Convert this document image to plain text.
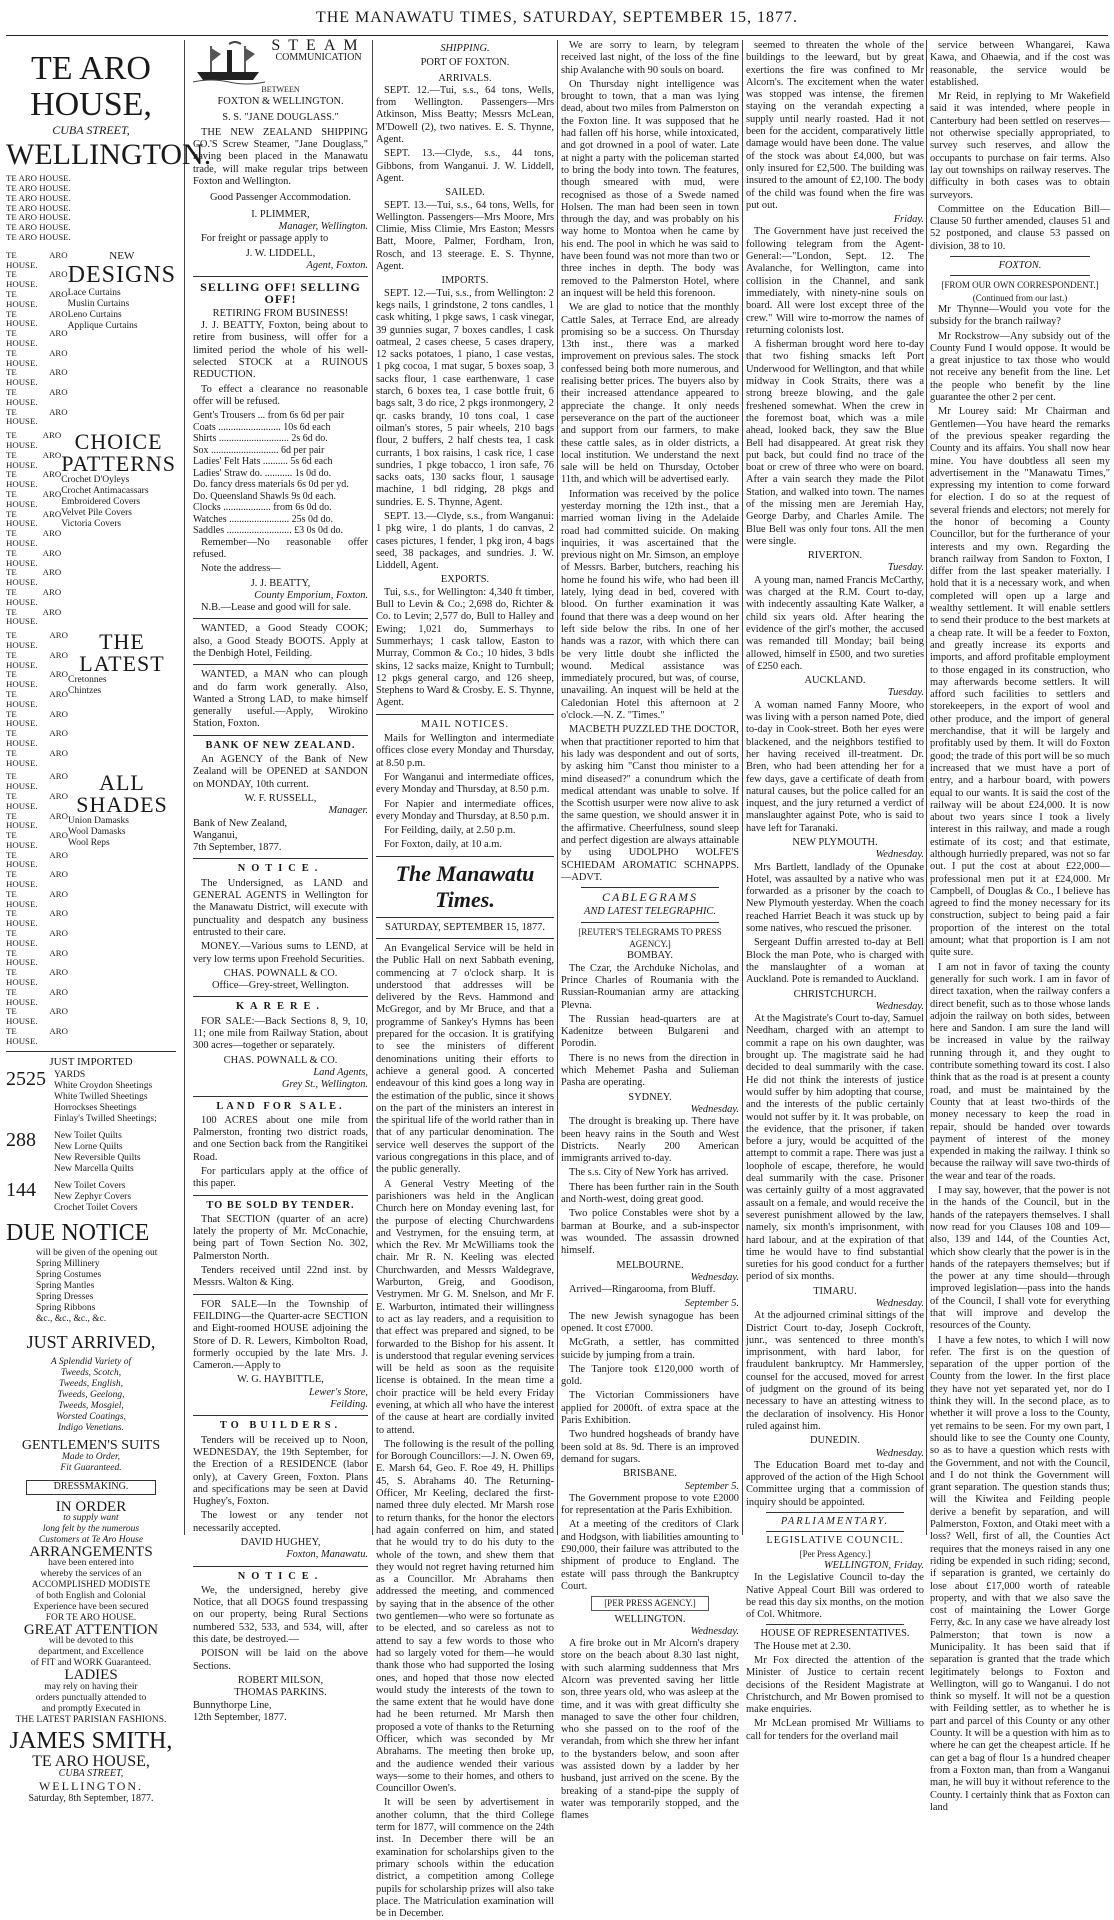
THE MANAWATU TIMES, SATURDAY, SEPTEMBER 15, 1877.
TE ARO
HOUSE,
CUBA STREET,
WELLINGTON.

TE ARO HOUSE.

TE ARO HOUSE.

TE ARO HOUSE.

TE ARO HOUSE.

TE ARO HOUSE.

TE ARO HOUSE.

TE ARO HOUSE.

TE ARO HOUSE.

TE ARO HOUSE.

TE ARO HOUSE.

TE ARO HOUSE.

TE ARO HOUSE.

TE ARO HOUSE.

TE ARO HOUSE.

TE ARO HOUSE.

TE ARO HOUSE.

NEW
DESIGNS
Lace Curtains
Muslin Curtains
Leno Curtains
Applique Curtains

TE ARO HOUSE.

TE ARO HOUSE.

TE ARO HOUSE.

TE ARO HOUSE.

TE ARO HOUSE.

TE ARO HOUSE.

TE ARO HOUSE.

TE ARO HOUSE.

TE ARO HOUSE.

TE ARO HOUSE.

CHOICE
PATTERNS
Crochet D'Oyleys
Crochet Antimacassars
Embroidered Covers
Velvet Pile Covers
Victoria Covers

TE ARO HOUSE.

TE ARO HOUSE.

TE ARO HOUSE.

TE ARO HOUSE.

TE ARO HOUSE.

TE ARO HOUSE.

TE ARO HOUSE.

THE
LATEST
Cretonnes
Chintzes

TE ARO HOUSE.

TE ARO HOUSE.

TE ARO HOUSE.

TE ARO HOUSE.

TE ARO HOUSE.

TE ARO HOUSE.

TE ARO HOUSE.

TE ARO HOUSE.

TE ARO HOUSE.

TE ARO HOUSE.

TE ARO HOUSE.

TE ARO HOUSE.

TE ARO HOUSE.

TE ARO HOUSE.

ALL
SHADES
Union Damasks
Wool Damasks
Wool Reps
JUST IMPORTED
2525 YARDS
White Croydon Sheetings
White Twilled Sheetings
Horrockses Sheetings
Finlay's Twilled Sheetings;
288	New Toilet Quilts
New Lorne Quilts
New Reversible Quilts
New Marcella Quilts
144	New Toilet Covers
New Zephyr Covers
Crochet Toilet Covers
DUE NOTICE
will be given of the opening out
Spring Millinery
Spring Costumes
Spring Mantles
Spring Dresses
Spring Ribbons
&c., &c., &c., &c.
JUST ARRIVED,
A Splendid Variety of
Tweeds, Scotch,
Tweeds, English,
Tweeds, Geelong,
Tweeds, Mosgiel,
Worsted Coatings,
Indigo Venetians.
GENTLEMEN'S SUITS
Made to Order,
Fit Guaranteed.
DRESSMAKING.
IN ORDER
to supply want
long felt by the numerous
Customers at Te Aro House
ARRANGEMENTS
have been entered into
whereby the services of an
ACCOMPLISHED MODISTE
of both English and Colonial
Experience have been secured
FOR TE ARO HOUSE.
GREAT ATTENTION
will be devoted to this
department, and Excellence
of FIT and WORK Guaranteed.
LADIES
may rely on having their
orders punctually attended to
and promptly Executed in
THE LATEST PARISIAN FASHIONS.
JAMES SMITH,
TE ARO HOUSE,
CUBA STREET,
WELLINGTON.
Saturday, 8th September, 1877.
STEAM
COMMUNICATION
BETWEEN
FOXTON & WELLINGTON.
S. S. "JANE DOUGLASS."

THE NEW ZEALAND SHIPPING CO.'S Screw Steamer, "Jane Douglass," having been placed in the Manawatu trade, will make regular trips between Foxton and Wellington.

Good Passenger Accommodation.
I. PLIMMER,
Manager, Wellington.

For freight or passage apply to

J. W. LIDDELL,
Agent, Foxton.
SELLING OFF! SELLING OFF!
RETIRING FROM BUSINESS!

J. J. BEATTY, Foxton, being about to retire from business, will offer for a limited period the whole of his well-selected STOCK at a RUINOUS REDUCTION.

To effect a clearance no reasonable offer will be refused.

Gent's Trousers ... from 6s 6d per pair
Coats ......................... 10s 6d each
Shirts ............................ 2s 6d do.
Sox ........................... 6d per pair
Ladies' Felt Hats .......... 5s 6d each
Ladies' Straw do. ........... 1s 0d do.
Do. fancy dress materials 6s 0d per yd.
Do. Queensland Shawls 9s 0d each.
Clocks ................... from 6s 0d do.
Watches ........................ 25s 0d do.
Saddles .......................... £3 0s 0d do.

Remember—No reasonable offer refused.

Note the address—

J. J. BEATTY,
County Emporium, Foxton.

N.B.—Lease and good will for sale.

WANTED, a Good Steady COOK; also, a Good Steady BOOTS. Apply at the Denbigh Hotel, Feilding.

WANTED, a MAN who can plough and do farm work generally. Also, Wanted a Strong LAD, to make himself generally useful.—Apply, Wirokino Station, Foxton.

BANK OF NEW ZEALAND.

An AGENCY of the Bank of New Zealand will be OPENED at SANDON on MONDAY, 10th current.

W. F. RUSSELL,
Manager.
Bank of New Zealand,
Wanganui,
7th September, 1877.
NOTICE.

The Undersigned, as LAND and GENERAL AGENTS in Wellington for the Manawatu District, will execute with punctuality and despatch any business entrusted to their care.

MONEY.—Various sums to LEND, at very low terms upon Freehold Securities.

CHAS. POWNALL & CO.
Office—Grey-street, Wellington.
KARERE.

FOR SALE:—Back Sections 8, 9, 10, 11; one mile from Railway Station, about 300 acres—together or separately.

CHAS. POWNALL & CO.
Land Agents,
Grey St., Wellington.
LAND FOR SALE.

100 ACRES about one mile from Palmerston, fronting two district roads, and one Section back from the Rangitikei Road.

For particulars apply at the office of this paper.

TO BE SOLD BY TENDER.

That SECTION (quarter of an acre) lately the property of Mr. McConachie, being part of Town Section No. 302, Palmerston North.

Tenders received until 22nd inst. by Messrs. Walton & King.

FOR SALE—In the Township of FEILDING—the Quarter-acre SECTION and Eight-roomed HOUSE adjoining the Store of D. R. Lewers, Kimbolton Road, formerly occupied by the late Mrs. J. Cameron.—Apply to

W. G. HAYBITTLE,
Lewer's Store,
Feilding.
TO BUILDERS.

Tenders will be received up to Noon, WEDNESDAY, the 19th September, for the Erection of a RESIDENCE (labor only), at Cavery Green, Foxton. Plans and specifications may be seen at David Hughey's, Foxton.

The lowest or any tender not necessarily accepted.

DAVID HUGHEY,
Foxton, Manawatu.
NOTICE.

We, the undersigned, hereby give Notice, that all DOGS found trespassing on our property, being Rural Sections numbered 532, 533, and 534, will, after this date, be destroyed.—

POISON will be laid on the above Sections.

ROBERT MILSON,
THOMAS PARKINS.
Bunnythorpe Line,
12th September, 1877.
SHIPPING.
PORT OF FOXTON.
ARRIVALS.

SEPT. 12.—Tui, s.s., 64 tons, Wells, from Wellington. Passengers—Mrs Atkinson, Miss Beatty; Messrs McLean, M'Dowell (2), two natives. E. S. Thynne, Agent.

SEPT. 13.—Clyde, s.s., 44 tons, Gibbons, from Wanganui. J. W. Liddell, Agent.

SAILED.

SEPT. 13.—Tui, s.s., 64 tons, Wells, for Wellington. Passengers—Mrs Moore, Mrs Climie, Miss Climie, Mrs Easton; Messrs Batt, Moore, Palmer, Fordham, Iron, Rosch, and 13 steerage. E. S. Thynne, Agent.

IMPORTS.

SEPT. 12.—Tui, s.s., from Wellington: 2 kegs nails, 1 grindstone, 2 tons candles, 1 cask whiting, 1 pkge saws, 1 cask vinegar, 39 gunnies sugar, 7 boxes candles, 1 cask oatmeal, 2 cases cheese, 5 cases drapery, 12 sacks potatoes, 1 piano, 1 case vestas, 1 pkg cocoa, 1 mat sugar, 5 boxes soap, 3 sacks flour, 1 case earthenware, 1 case starch, 6 boxes tea, 1 case bottle fruit, 6 bags salt, 3 do rice, 2 pkgs ironmongery, 2 qr. casks brandy, 10 tons coal, 1 case oilman's stores, 5 pair wheels, 210 bags flour, 2 buffers, 2 half chests tea, 1 cask currants, 1 box raisins, 1 cask rice, 1 case sundries, 1 pkge tobacco, 1 iron safe, 76 sacks oats, 130 sacks flour, 1 sausage machine, 1 bdl ridging, 28 pkgs and sundries. E. S. Thynne, Agent.

SEPT. 13.—Clyde, s.s., from Wanganui: 1 pkg wire, 1 do plants, 1 do canvas, 2 cases pictures, 1 fender, 1 pkg iron, 4 bags seed, 38 packages, and sundries. J. W. Liddell, Agent.

EXPORTS.

Tui, s.s., for Wellington: 4,340 ft timber, Bull to Levin & Co.; 2,698 do, Richter & Co. to Levin; 2,577 do, Bull to Halley and Ewing; 1,021 do, Summerhays to Summerhays; 1 cask tallow, Easton to Murray, Common & Co.; 10 hides, 3 bdls skins, 12 sacks maize, Knight to Turnbull; 12 pkgs general cargo, and 126 sheep, Stephens to Ward & Crosby. E. S. Thynne, Agent.

MAIL NOTICES.

Mails for Wellington and intermediate offices close every Monday and Thursday, at 8.50 p.m.

For Wanganui and intermediate offices, every Monday and Thursday, at 8.50 p.m.

For Napier and intermediate offices, every Monday and Thursday, at 8.50 p.m.

For Feilding, daily, at 2.50 p.m.

For Foxton, daily, at 10 a.m.

The Manawatu Times.
SATURDAY, SEPTEMBER 15, 1877.

An Evangelical Service will be held in the Public Hall on next Sabbath evening, commencing at 7 o'clock sharp. It is understood that addresses will be delivered by the Revs. Hammond and McGregor, and by Mr Bruce, and that a programme of Sankey's Hymns has been prepared for the occasion. It is gratifying to see the ministers of different denominations uniting their efforts to achieve a general good. A concerted endeavour of this kind goes a long way in the estimation of the public, since it shows on the part of the ministers an interest in the spiritual life of the world rather than in that of any particular denomination. The service well deserves the support of the various congregations in this place, and of the public generally.

A General Vestry Meeting of the parishioners was held in the Anglican Church here on Monday evening last, for the purpose of electing Churchwardens and Vestrymen, for the ensuing term, at which the Rev. Mr McWilliams took the chair. Mr R. N. Keeling was elected Churchwarden, and Messrs Waldegrave, Warburton, Greig, and Goodison, Vestrymen. Mr G. M. Snelson, and Mr F. E. Warburton, intimated their willingness to act as lay readers, and a requisition to that effect was prepared and signed, to be forwarded to the Bishop for his assent. It is understood that regular evening services will be held as soon as the requisite license is obtained. In the mean time a choir practice will be held every Friday evening, at which all who have the interest of the cause at heart are cordially invited to attend.

The following is the result of the polling for Borough Councillors:—J. N. Owen 69, E. Marsh 64, Geo. F. Roe 49, H. Phillips 45, S. Abrahams 40. The Returning-Officer, Mr Keeling, declared the first-named three duly elected. Mr Marsh rose to return thanks, for the honor the electors had again conferred on him, and stated that he would try to do his duty to the whole of the town, and shew them that they would not regret having returned him as a Councillor. Mr Abrahams then addressed the meeting, and commenced by saying that in the absence of the other two gentlemen—who were so fortunate as to be elected, and so careless as not to attend to say a few words to those who had so largely voted for them—he would thank those who had supported the losing ones, and hoped that those now elected would study the interests of the town to the same extent that he would have done had he been returned. Mr Marsh then proposed a vote of thanks to the Returning Officer, which was seconded by Mr Abrahams. The meeting then broke up, and the audience wended their various ways—some to their homes, and others to Councillor Owen's.

It will be seen by advertisement in another column, that the third College term for 1877, will commence on the 24th inst. In December there will be an examination for scholarships given to the primary schools within the education district, a competition among College pupils for scholarship prizes will also take place. The Matriculation examination will be in December.

We are sorry to learn, by telegram received last night, of the loss of the fine ship Avalanche with 90 souls on board.

On Thursday night intelligence was brought to town, that a man was lying dead, about two miles from Palmerston on the Foxton line. It was supposed that he had fallen off his horse, while intoxicated, and got drowned in a pool of water. Late at night a party with the policeman started to bring the body into town. The features, though smeared with mud, were recognised as those of a Swede named Holsen. The man had been seen in town through the day, and was probably on his way home to Montoa when he came by his end. The pool in which he was said to have been found was not more than two or three inches in depth. The body was removed to the Palmerston Hotel, where an inquest will be held this forenoon.

We are glad to notice that the monthly Cattle Sales, at Terrace End, are already promising so be a success. On Thursday 13th inst., there was a marked improvement on previous sales. The stock confessed being both more numerous, and realising better prices. The buyers also by their increased attendance appeared to appreciate the change. It only needs perseverance on the part of the auctioneer and support from our farmers, to make these cattle sales, as in older districts, a local institution. We understand the next sale will be held on Thursday, October 11th, and which will be advertised early.

Information was received by the police yesterday morning the 12th inst., that a married woman living in the Adelaide road had committed suicide. On making inquiries, it was ascertained that the previous night on Mr. Simson, an employe of Messrs. Barber, butchers, reaching his home he found his wife, who had been ill lately, lying dead in bed, covered with blood. On further examination it was found that there was a deep wound on her left side below the ribs. In one of her hands was a razor, with which there can be very little doubt she inflicted the wound. Medical assistance was immediately procured, but was, of course, unavailing. An inquest will be held at the Caledonian Hotel this afternoon at 2 o'clock.—N. Z. "Times."

MACBETH PUZZLED THE DOCTOR, when that practitioner reported to him that his lady was despondent and out of sorts, by asking him "Canst thou minister to a mind diseased?" a conundrum which the medical attendant was unable to solve. If the Scottish usurper were now alive to ask the same question, we should answer it in the affirmative. Cheerfulness, sound sleep and perfect digestion are always attainable by using UDOLPHO WOLFE'S SCHIEDAM AROMATIC SCHNAPPS.—ADVT.

CABLEGRAMS
AND LATEST TELEGRAPHIC.
[REUTER'S TELEGRAMS TO PRESS AGENCY.]
BOMBAY.

The Czar, the Archduke Nicholas, and Prince Charles of Roumania with the Russian-Roumanian army are attacking Plevna.

The Russian head-quarters are at Kadenitze between Bulgareni and Porodin.

There is no news from the direction in which Mehemet Pasha and Sulieman Pasha are operating.

SYDNEY.
Wednesday.

The drought is breaking up. There have been heavy rains in the South and West Districts. Nearly 200 American immigrants arrived to-day.

The s.s. City of New York has arrived.

There has been further rain in the South and North-west, doing great good.

Two police Constables were shot by a barman at Bourke, and a sub-inspector was wounded. The assassin drowned himself.

MELBOURNE.
Wednesday.

Arrived—Ringarooma, from Bluff.

September 5.

The new Jewish synagogue has been opened. It cost £7000.

McGrath, a settler, has committed suicide by jumping from a train.

The Tanjore took £120,000 worth of gold.

The Victorian Commissioners have applied for 2000ft. of extra space at the Paris Exhibition.

Two hundred hogsheads of brandy have been sold at 8s. 9d. There is an improved demand for sugars.

BRISBANE.
September 5.

The Government propose to vote £2000 for representation at the Paris Exhibition.

At a meeting of the creditors of Clark and Hodgson, with liabilities amounting to £90,000, their failure was attributed to the shipment of produce to England. The estate will pass through the Bankruptcy Court.

[PER PRESS AGENCY.]
WELLINGTON.
Wednesday.

A fire broke out in Mr Alcorn's drapery store on the beach about 8.30 last night, with such alarming suddenness that Mrs Alcorn was prevented saving her little son, three years old, who was asleep at the time, and it was with great difficulty she managed to save the other four children, who she passed on to the roof of the verandah, from which she threw her infant to the bystanders below, and soon after was assisted down by a ladder by her husband, just arrived on the scene. By the breaking of a stand-pipe the supply of water was temporarily stopped, and the flames

seemed to threaten the whole of the buildings to the leeward, but by great exertions the fire was confined to Mr Alcorn's. The excitement when the water was stopped was intense, the firemen staying on the verandah expecting a supply until nearly roasted. Had it not been for the accident, comparatively little damage would have been done. The value of the stock was about £4,000, but was only insured for £2,500. The building was insured to the amount of £2,100. The body of the child was found when the fire was put out.

Friday.

The Government have just received the following telegram from the Agent-General:—"London, Sept. 12. The Avalanche, for Wellington, came into collision in the Channel, and sank immediately, with ninety-nine souls on board. All were lost except three of the crew." Will wire to-morrow the names of returning colonists lost.

A fisherman brought word here to-day that two fishing smacks left Port Underwood for Wellington, and that while midway in Cook Straits, there was a strong breeze blowing, and the gale freshened somewhat. When the crew in the foremost boat, which was a mile ahead, looked back, they saw the Blue Bell had disappeared. At great risk they put back, but could find no trace of the boat or crew of three who were on board. After a vain search they made the Pilot Station, and walked into town. The names of the missing men are Jeremiah Hay, George Darby, and Charles Amile. The Blue Bell was only four tons. All the men were single.

RIVERTON.
Tuesday.

A young man, named Francis McCarthy, was charged at the R.M. Court to-day, with indecently assaulting Kate Walker, a child six years old. After hearing the evidence of the girl's mother, the accused was remanded till Monday; bail being allowed, himself in £500, and two sureties of £250 each.

AUCKLAND.
Tuesday.

A woman named Fanny Moore, who was living with a person named Pote, died to-day in Cook-street. Both her eyes were blackened, and the neighbors testified to her having received ill-treatment. Dr. Bren, who had been attending her for a few days, gave a certificate of death from natural causes, but the police called for an inquest, and the jury returned a verdict of manslaughter against Pote, who is said to have left for Taranaki.

NEW PLYMOUTH.
Wednesday.

Mrs Bartlett, landlady of the Opunake Hotel, was assaulted by a native who was forwarded as a prisoner by the coach to New Plymouth yesterday. When the coach reached Harriet Beach it was stuck up by some natives, who rescued the prisoner.

Sergeant Duffin arrested to-day at Bell Block the man Pote, who is charged with the manslaughter of a woman at Auckland. Pote is remanded to Auckland.

CHRISTCHURCH.
Wednesday.

At the Magistrate's Court to-day, Samuel Needham, charged with an attempt to commit a rape on his own daughter, was brought up. The magistrate said he had decided to deal summarily with the case. He did not think the interests of justice would suffer by him adopting that course, and the interests of the public certainly would not suffer by it. It was probable, on the evidence, that the prisoner, if taken before a jury, would be acquitted of the attempt to commit a rape. There was just a loophole of escape, therefore, he would deal summarily with the case. Prisoner was certainly guilty of a most aggravated assault on a female, and would receive the severest punishment allowed by the law, namely, six month's imprisonment, with hard labour, and at the expiration of that time he would have to find substantial sureties for his good conduct for a further period of six months.

TIMARU.
Wednesday.

At the adjourned criminal sittings of the District Court to-day, Joseph Cockroft, junr., was sentenced to three month's imprisonment, with hard labor, for fraudulent bankruptcy. Mr Hammersley, counsel for the accused, moved for arrest of judgment on the ground of its being necessary to have an attesting witness to the declaration of insolvency. His Honor ruled against him.

DUNEDIN.
Wednesday.

The Education Board met to-day and approved of the action of the High School Committee urging that a commission of inquiry should be appointed.

PARLIAMENTARY.
LEGISLATIVE COUNCIL.
[Per Press Agency.]
WELLINGTON, Friday.

In the Legislative Council to-day the Native Appeal Court Bill was ordered to be read this day six months, on the motion of Col. Whitmore.

HOUSE OF REPRESENTATIVES.

The House met at 2.30.

Mr Fox directed the attention of the Minister of Justice to certain recent decisions of the Resident Magistrate at Christchurch, and Mr Bowen promised to make enquiries.

Mr McLean promised Mr Williams to call for tenders for the overland mail

service between Whangarei, Kawa Kawa, and Ohaewia, and if the cost was reasonable, the service would be established.

Mr Reid, in replying to Mr Wakefield said it was intended, where people in Canterbury had been settled on reserves—not otherwise specially appropriated, to survey such reserves, and allow the occupants to purchase on fair terms. Also lay out townships on railway reserves. The difficulty in both cases was to obtain surveyors.

Committee on the Education Bill—Clause 50 further amended, clauses 51 and 52 postponed, and clause 53 passed on division, 38 to 10.

FOXTON.
[FROM OUR OWN CORRESPONDENT.]
(Continued from our last.)

Mr Thynne—Would you vote for the subsidy for the branch railway?

Mr Rockstrow—Any subsidy out of the County Fund I would oppose. It would be a great injustice to tax those who would not receive any benefit from the line. Let the people who benefit by the line guarantee the other 2 per cent.

Mr Lourey said: Mr Chairman and Gentlemen—You have heard the remarks of the previous speaker regarding the County and its affairs. You shall now hear mine. You have doubtless all seen my advertisement in the "Manawatu Times," expressing my intention to come forward for election. I do so at the request of several friends and electors; not merely for the honor of becoming a County Councillor, but for the furtherance of your interests and my own. Regarding the branch railway from Sandon to Foxton, I differ from the last speaker materially. I hold that it is a necessary work, and when completed will open up a large and wealthy settlement. It will enable settlers to send their produce to the best markets at a cheap rate. It will be a feeder to Foxton, and greatly increase its exports and imports, and afford profitable employment to those engaged in its construction, who may afterwards become settlers. It will afford such facilities to settlers and storekeepers, in the export of wool and other produce, and the import of general merchandise, that it will be largely and profitably used by them. It will do Foxton good; the trade of this port will be so much increased that we must have a port of entry, and a harbour board, with powers equal to our wants. It is said the cost of the railway will be about £24,000. It is now about two years since I took a lively interest in this railway, and made a rough estimate of its cost; and that estimate, although hurriedly prepared, was not so far out. I put the cost at about £22,000—professional men put it at £24,000. Mr Campbell, of Douglas & Co., I believe has agreed to find the money necessary for its construction, subject to being paid a fair proportion of the interest on the total amount; what that proportion is I am not quite sure.

I am not in favor of taxing the county generally for such work. I am in favor of direct taxation, when the railway confers a direct benefit, such as to those whose lands adjoin the railway on both sides, between here and Sandon. I am sure the land will be increased in value by the railway running through it, and they ought to contribute something toward its cost. I also think that as the road is at present a county road, and must be maintained by the County that at least two-thirds of the money necessary to keep the road in repair, should be handed over towards payment of interest of the money expended in making the railway. I think so because the railway will save two-thirds of the wear and tear of the roads.

I may say, however, that the power is not in the hands of the Council, but in the hands of the ratepayers themselves. I shall now read for you Clauses 108 and 109—also, 139 and 144, of the Counties Act, which show clearly that the power is in the hands of the ratepayers themselves; but if the power at any time should—through improved legislation—pass into the hands of the Council, I shall vote for everything that will improve and develop the resources of the County.

I have a few notes, to which I will now refer. The first is on the question of separation of the upper portion of the County from the lower. In the first place they have not yet separated yet, nor do I think they will. In the second place, as to whether it will prove a loss to the County, yet remains to be seen. For my own part, I should like to see the County one County, so as to have a question which rests with the Government, and not with the Council, and I do not think the Government will grant separation. The question stands thus; will the Kiwitea and Feilding people derive a benefit by separation, and will Palmerston, Foxton, and Otaki meet with a loss? Well, first of all, the Counties Act requires that the moneys raised in any one riding be expended in such riding; second, if separation is granted, we certainly do lose about £17,000 worth of rateable property, and with that we also save the cost of maintaining the Lower Gorge Ferry, &c. In any case we have already lost Palmerston; that town is now a Municipality. It has been said that if separation is granted that the trade which legitimately belongs to Foxton and Wellington, will go to Wanganui. I do not think so myself. It will not be a question with Feilding settler, as to whether he is part and parcel of this County or any other County. It will be a question with him as to where he can get the cheapest article. If he can get a bag of flour 1s a hundred cheaper from a Foxton man, than from a Wanganui man, he will buy it without reference to the County. I certainly think that as Foxton can land
